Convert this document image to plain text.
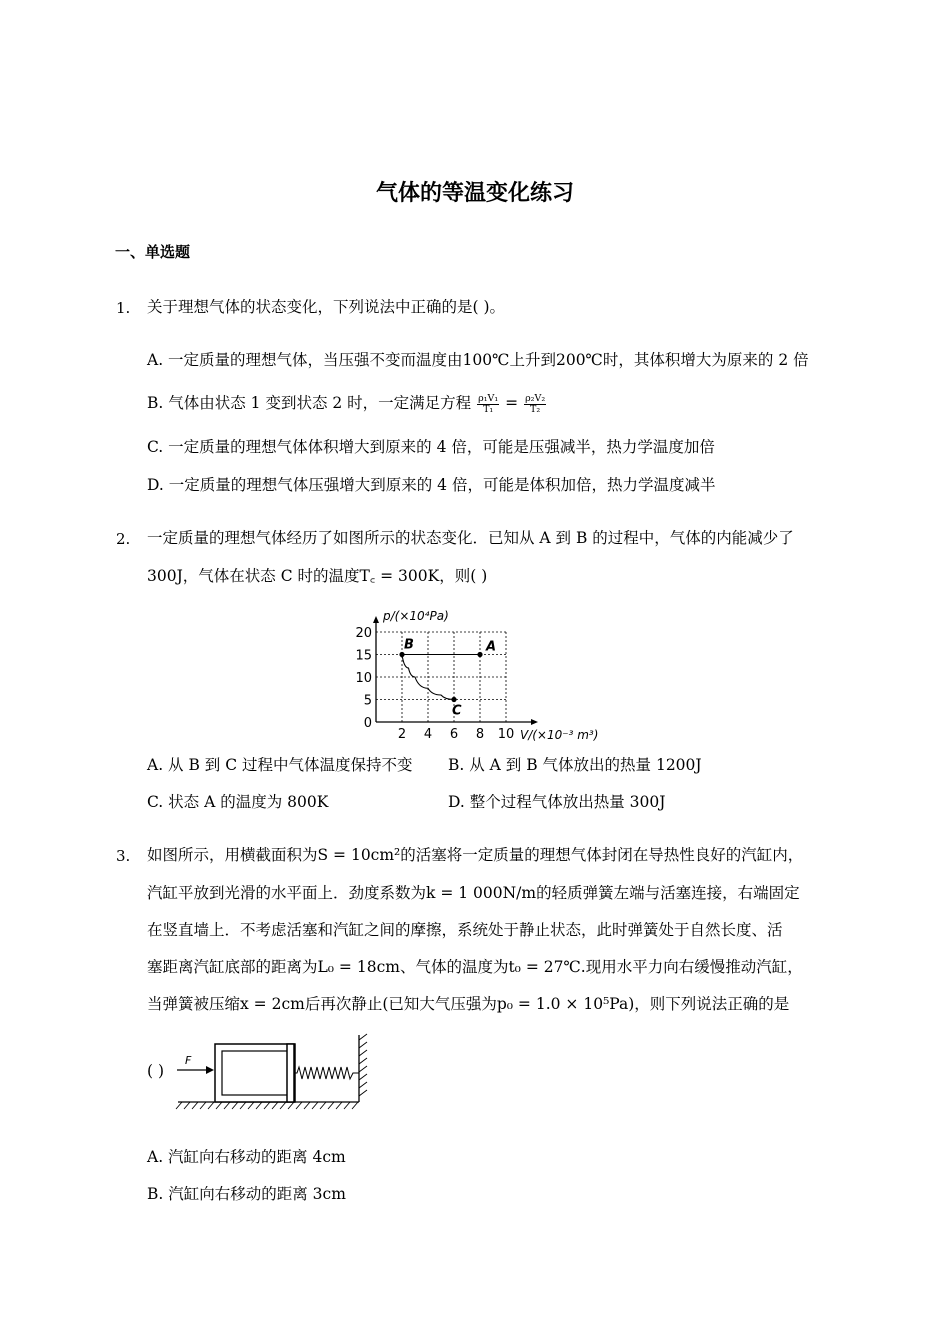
气体的等温变化练习
一、单选题
1. 关于理想气体的状态变化，下列说法中正确的是( )。
A. 一定质量的理想气体，当压强不变而温度由100℃上升到200℃时，其体积增大为原来的 2 倍
B. 气体由状态 1 变到状态 2 时，一定满足方程 $\frac{\text{ρ₁V₁}}{\text{T₁}} = \frac{\text{ρ₂V₂}}{\text{T₂}}$
C. 一定质量的理想气体体积增大到原来的 4 倍，可能是压强减半，热力学温度加倍
D. 一定质量的理想气体压强增大到原来的 4 倍，可能是体积加倍，热力学温度减半
2. 一定质量的理想气体经历了如图所示的状态变化．已知从 A 到 B 的过程中，气体的内能减少了
300J，气体在状态 C 时的温度T꜀ = 300K，则( )
2 4 6 8 10
0
5
10
15
20
A
B
C
p/(×10⁴Pa)
V/(×10⁻³ m³)
A. 从 B 到 C 过程中气体温度保持不变 B. 从 A 到 B 气体放出的热量 1200J
C. 状态 A 的温度为 800K	D. 整个过程气体放出热量 300J
3. 如图所示，用横截面积为S = 10cm²的活塞将一定质量的理想气体封闭在导热性良好的汽缸内，
汽缸平放到光滑的水平面上．劲度系数为k = 1 000N/m的轻质弹簧左端与活塞连接，右端固定
在竖直墙上．不考虑活塞和汽缸之间的摩擦，系统处于静止状态，此时弹簧处于自然长度、活
塞距离汽缸底部的距离为L₀ = 18cm、气体的温度为t₀ = 27℃.现用水平力向右缓慢推动汽缸，
当弹簧被压缩x = 2cm后再次静止(已知大气压强为p₀ = 1.0 × 10⁵Pa)，则下列说法正确的是
( )
F
A. 汽缸向右移动的距离 4cm
B. 汽缸向右移动的距离 3cm
